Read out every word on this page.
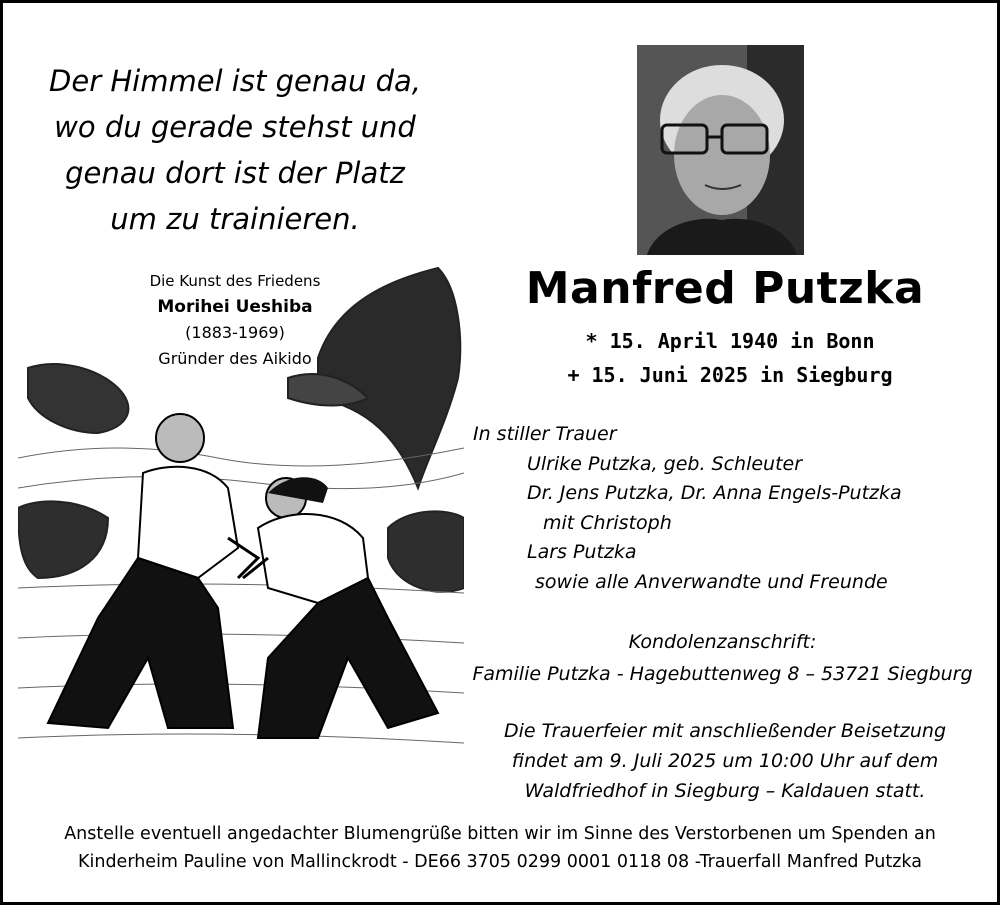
Der Himmel ist genau da,
wo du gerade stehst und
genau dort ist der Platz
um zu trainieren.
Die Kunst des Friedens
Morihei Ueshiba
(1883-1969)
Gründer des Aikido
Manfred Putzka
* 15. April 1940 in Bonn
+ 15. Juni 2025 in Siegburg
In stiller Trauer
Ulrike Putzka, geb. Schleuter
Dr. Jens Putzka, Dr. Anna Engels-Putzka
mit Christoph
Lars Putzka
sowie alle Anverwandte und Freunde
Kondolenzanschrift:
Familie Putzka - Hagebuttenweg 8 – 53721 Siegburg
Die Trauerfeier mit anschließender Beisetzung
findet am 9. Juli 2025 um 10:00 Uhr auf dem
Waldfriedhof in Siegburg – Kaldauen statt.
Anstelle eventuell angedachter Blumengrüße bitten wir im Sinne des Verstorbenen um Spenden an
Kinderheim Pauline von Mallinckrodt - DE66 3705 0299 0001 0118 08 -Trauerfall Manfred Putzka
